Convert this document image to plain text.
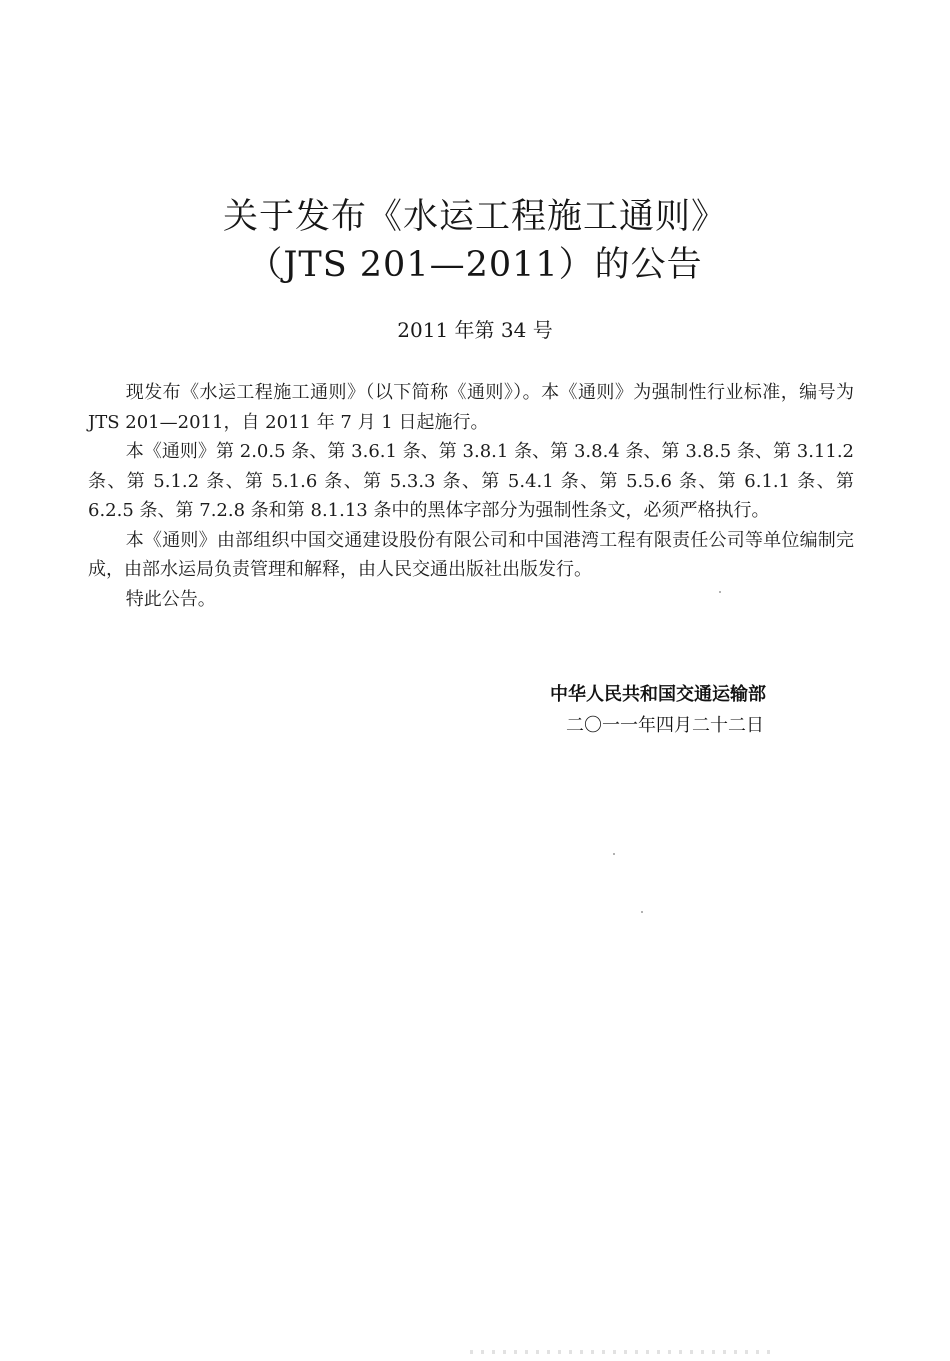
关于发布《水运工程施工通则》
（JTS 201—2011）的公告
2011 年第 34 号

现发布《水运工程施工通则》（以下简称《通则》）。本《通则》为强制性行业标准，编号为 JTS 201—2011，自 2011 年 7 月 1 日起施行。

本《通则》第 2.0.5 条、第 3.6.1 条、第 3.8.1 条、第 3.8.4 条、第 3.8.5 条、第 3.11.2 条、第 5.1.2 条、第 5.1.6 条、第 5.3.3 条、第 5.4.1 条、第 5.5.6 条、第 6.1.1 条、第 6.2.5 条、第 7.2.8 条和第 8.1.13 条中的黑体字部分为强制性条文，必须严格执行。

本《通则》由部组织中国交通建设股份有限公司和中国港湾工程有限责任公司等单位编制完成，由部水运局负责管理和解释，由人民交通出版社出版发行。

特此公告。

中华人民共和国交通运输部
二〇一一年四月二十二日
